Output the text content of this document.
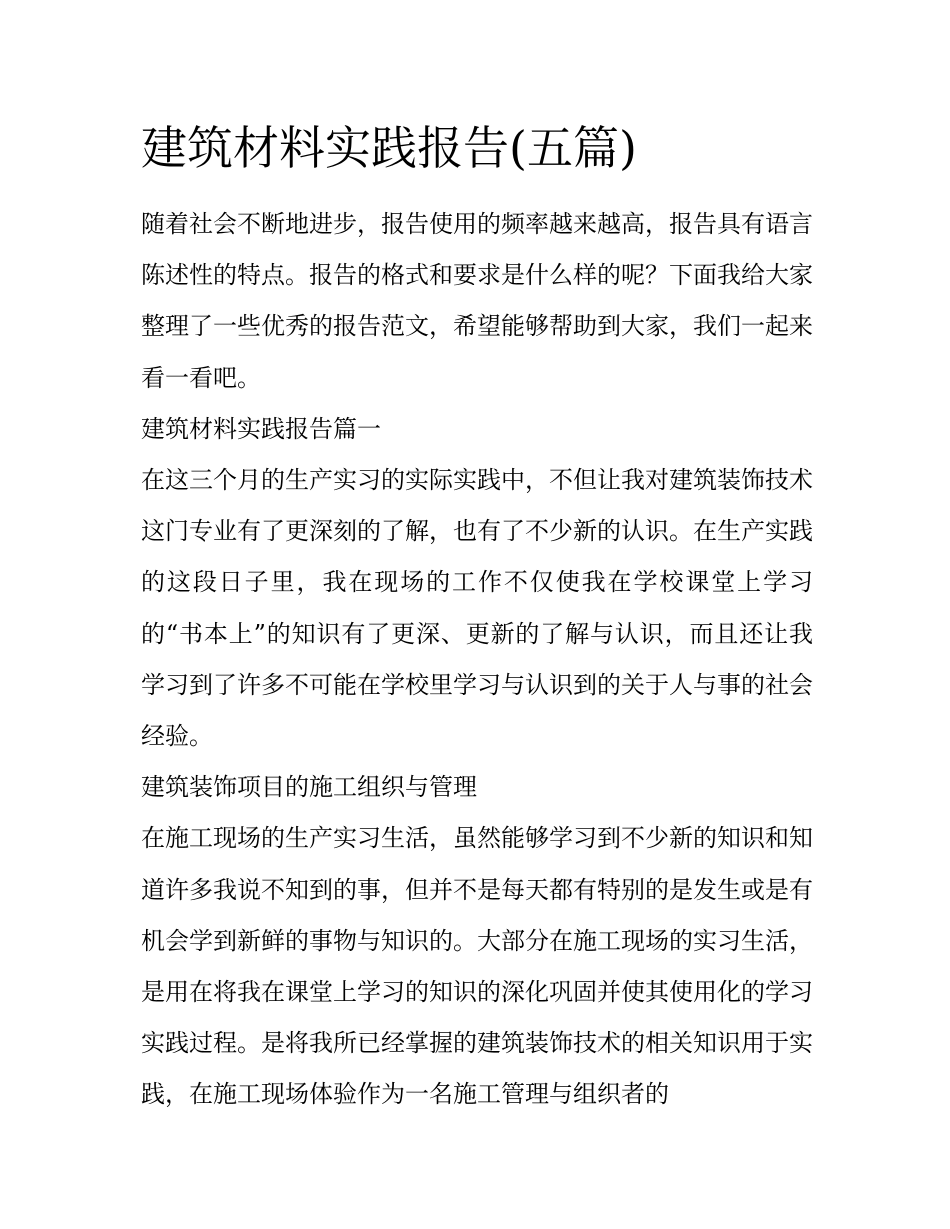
建筑材料实践报告(五篇)

随着社会不断地进步，报告使用的频率越来越高，报告具有语言陈述性的特点。报告的格式和要求是什么样的呢？下面我给大家整理了一些优秀的报告范文，希望能够帮助到大家，我们一起来看一看吧。

建筑材料实践报告篇一

在这三个月的生产实习的实际实践中，不但让我对建筑装饰技术这门专业有了更深刻的了解，也有了不少新的认识。在生产实践的这段日子里，我在现场的工作不仅使我在学校课堂上学习的“书本上”的知识有了更深、更新的了解与认识，而且还让我学习到了许多不可能在学校里学习与认识到的关于人与事的社会经验。

建筑装饰项目的施工组织与管理

在施工现场的生产实习生活，虽然能够学习到不少新的知识和知道许多我说不知到的事，但并不是每天都有特别的是发生或是有机会学到新鲜的事物与知识的。大部分在施工现场的实习生活，是用在将我在课堂上学习的知识的深化巩固并使其使用化的学习实践过程。是将我所已经掌握的建筑装饰技术的相关知识用于实践，在施工现场体验作为一名施工管理与组织者的
